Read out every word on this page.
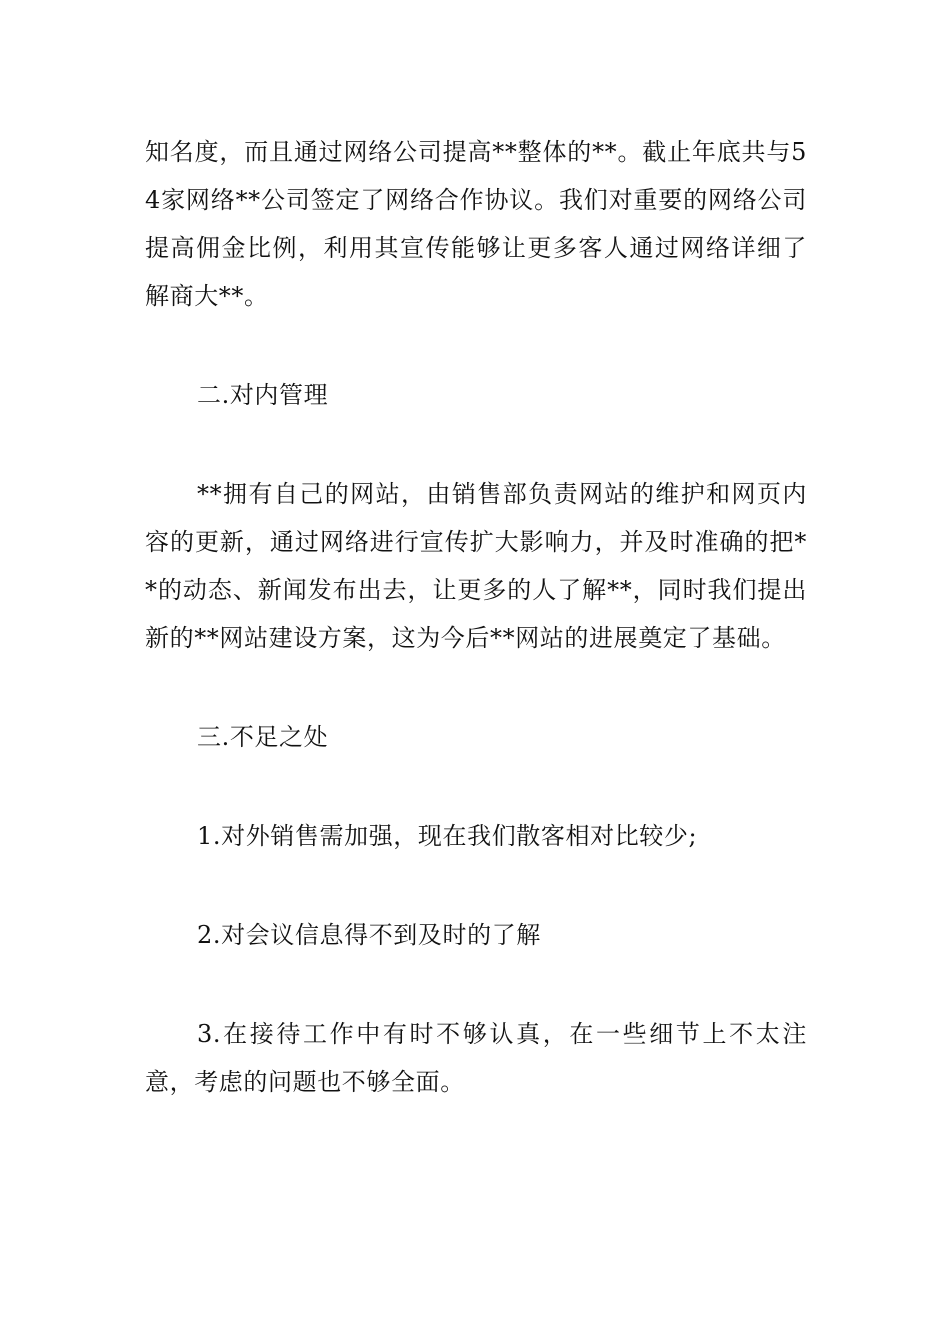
知名度，而且通过网络公司提高**整体的**。截止年底共与54家网络**公司签定了网络合作协议。我们对重要的网络公司提高佣金比例，利用其宣传能够让更多客人通过网络详细了解商大**。

二.对内管理

**拥有自己的网站，由销售部负责网站的维护和网页内容的更新，通过网络进行宣传扩大影响力，并及时准确的把**的动态、新闻发布出去，让更多的人了解**，同时我们提出新的**网站建设方案，这为今后**网站的进展奠定了基础。

三.不足之处

1.对外销售需加强，现在我们散客相对比较少;

2.对会议信息得不到及时的了解

3.在接待工作中有时不够认真，在一些细节上不太注意，考虑的问题也不够全面。
